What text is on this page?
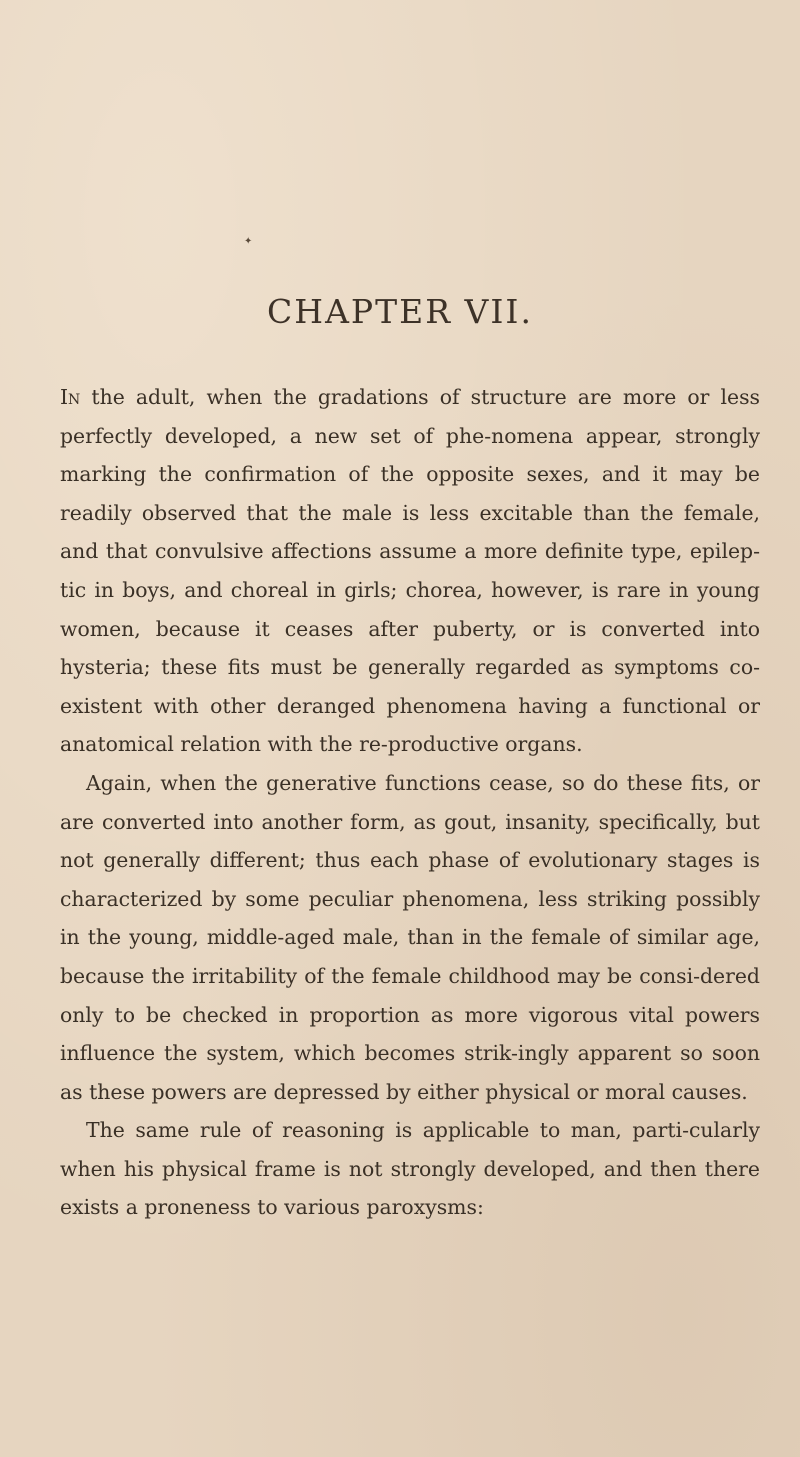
✦
CHAPTER VII.

In the adult, when the gradations of structure are more or less perfectly developed, a new set of phe-nomena appear, strongly marking the confirmation of the opposite sexes, and it may be readily observed that the male is less excitable than the female, and that convulsive affections assume a more definite type, epilep-tic in boys, and choreal in girls; chorea, however, is rare in young women, because it ceases after puberty, or is converted into hysteria; these fits must be generally regarded as symptoms co-existent with other deranged phenomena having a functional or anatomical relation with the re-productive organs.

Again, when the generative functions cease, so do these fits, or are converted into another form, as gout, insanity, specifically, but not generally different; thus each phase of evolutionary stages is characterized by some peculiar phenomena, less striking possibly in the young, middle-aged male, than in the female of similar age, because the irritability of the female childhood may be consi-dered only to be checked in proportion as more vigorous vital powers influence the system, which becomes strik-ingly apparent so soon as these powers are depressed by either physical or moral causes.

The same rule of reasoning is applicable to man, parti-cularly when his physical frame is not strongly developed, and then there exists a proneness to various paroxysms:
